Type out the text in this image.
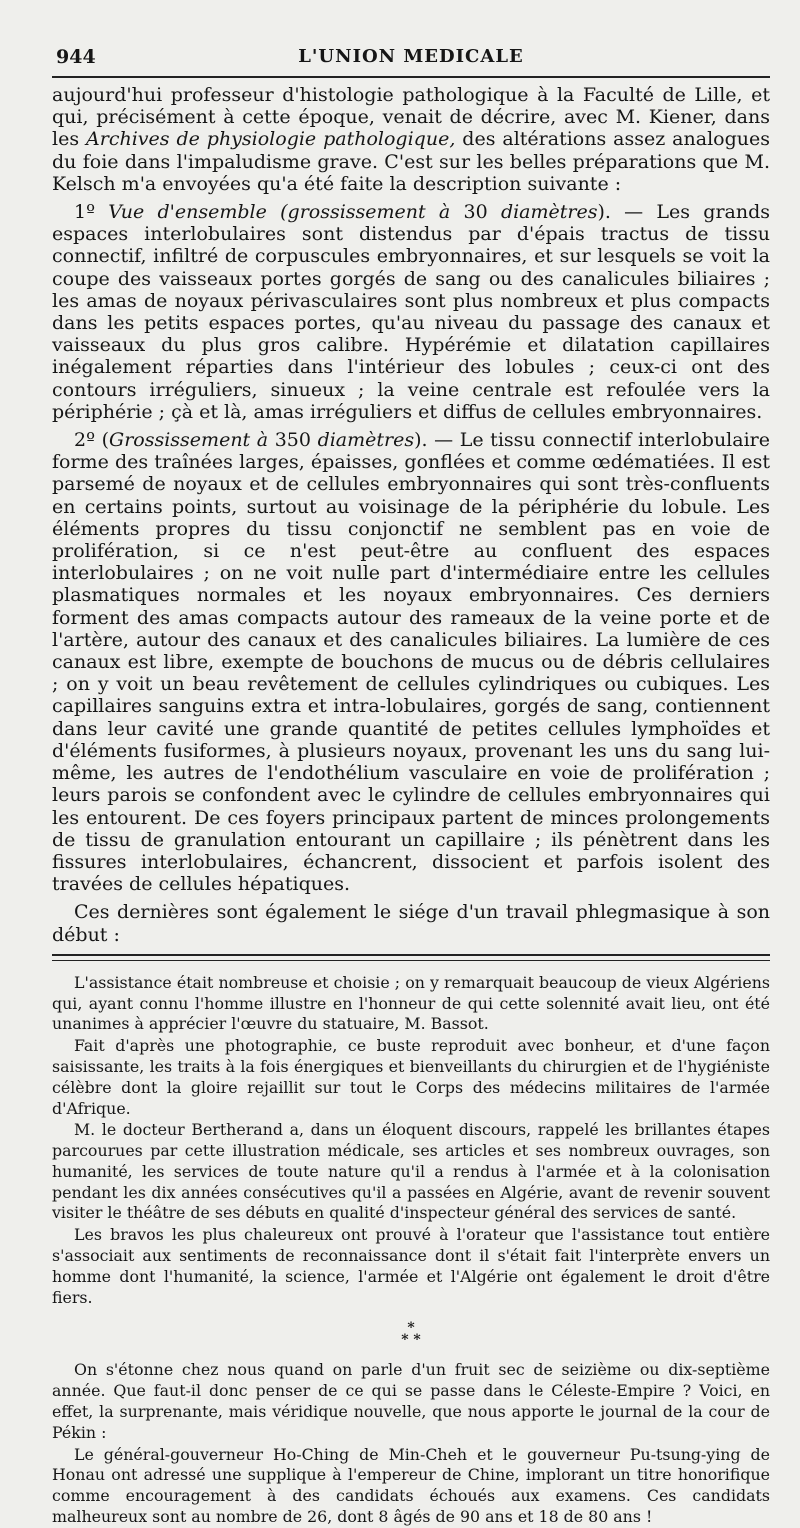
944	L'UNION MEDICALE

aujourd'hui professeur d'histologie pathologique à la Faculté de Lille, et qui, précisément à cette époque, venait de décrire, avec M. Kiener, dans les Archives de physiologie pathologique, des altérations assez analogues du foie dans l'impaludisme grave. C'est sur les belles préparations que M. Kelsch m'a envoyées qu'a été faite la description suivante :

1º Vue d'ensemble (grossissement à 30 diamètres). — Les grands espaces interlobulaires sont distendus par d'épais tractus de tissu connectif, infiltré de corpuscules embryonnaires, et sur lesquels se voit la coupe des vaisseaux portes gorgés de sang ou des canalicules biliaires ; les amas de noyaux périvasculaires sont plus nombreux et plus compacts dans les petits espaces portes, qu'au niveau du passage des canaux et vaisseaux du plus gros calibre. Hypérémie et dilatation capillaires inégalement réparties dans l'intérieur des lobules ; ceux-ci ont des contours irréguliers, sinueux ; la veine centrale est refoulée vers la périphérie ; çà et là, amas irréguliers et diffus de cellules embryonnaires.

2º (Grossissement à 350 diamètres). — Le tissu connectif interlobulaire forme des traînées larges, épaisses, gonflées et comme œdématiées. Il est parsemé de noyaux et de cellules embryonnaires qui sont très-confluents en certains points, surtout au voisinage de la périphérie du lobule. Les éléments propres du tissu conjonctif ne semblent pas en voie de prolifération, si ce n'est peut-être au confluent des espaces interlobulaires ; on ne voit nulle part d'intermédiaire entre les cellules plasmatiques normales et les noyaux embryonnaires. Ces derniers forment des amas compacts autour des rameaux de la veine porte et de l'artère, autour des canaux et des canalicules biliaires. La lumière de ces canaux est libre, exempte de bouchons de mucus ou de débris cellulaires ; on y voit un beau revêtement de cellules cylindriques ou cubiques. Les capillaires sanguins extra et intra-lobulaires, gorgés de sang, contiennent dans leur cavité une grande quantité de petites cellules lymphoïdes et d'éléments fusiformes, à plusieurs noyaux, provenant les uns du sang lui-même, les autres de l'endothélium vasculaire en voie de prolifération ; leurs parois se confondent avec le cylindre de cellules embryonnaires qui les entourent. De ces foyers principaux partent de minces prolongements de tissu de granulation entourant un capillaire ; ils pénètrent dans les fissures interlobulaires, échancrent, dissocient et parfois isolent des travées de cellules hépatiques.

Ces dernières sont également le siége d'un travail phlegmasique à son début :

L'assistance était nombreuse et choisie ; on y remarquait beaucoup de vieux Algériens qui, ayant connu l'homme illustre en l'honneur de qui cette solennité avait lieu, ont été unanimes à apprécier l'œuvre du statuaire, M. Bassot.

Fait d'après une photographie, ce buste reproduit avec bonheur, et d'une façon saisissante, les traits à la fois énergiques et bienveillants du chirurgien et de l'hygiéniste célèbre dont la gloire rejaillit sur tout le Corps des médecins militaires de l'armée d'Afrique.

M. le docteur Bertherand a, dans un éloquent discours, rappelé les brillantes étapes parcourues par cette illustration médicale, ses articles et ses nombreux ouvrages, son humanité, les services de toute nature qu'il a rendus à l'armée et à la colonisation pendant les dix années consécutives qu'il a passées en Algérie, avant de revenir souvent visiter le théâtre de ses débuts en qualité d'inspecteur général des services de santé.

Les bravos les plus chaleureux ont prouvé à l'orateur que l'assistance tout entière s'associait aux sentiments de reconnaissance dont il s'était fait l'interprète envers un homme dont l'humanité, la science, l'armée et l'Algérie ont également le droit d'être fiers.

*
* *

On s'étonne chez nous quand on parle d'un fruit sec de seizième ou dix-septième année. Que faut-il donc penser de ce qui se passe dans le Céleste-Empire ? Voici, en effet, la surprenante, mais véridique nouvelle, que nous apporte le journal de la cour de Pékin :

Le général-gouverneur Ho-Ching de Min-Cheh et le gouverneur Pu-tsung-ying de Honau ont adressé une supplique à l'empereur de Chine, implorant un titre honorifique comme encouragement à des candidats échoués aux examens. Ces candidats malheureux sont au nombre de 26, dont 8 âgés de 90 ans et 18 de 80 ans !
